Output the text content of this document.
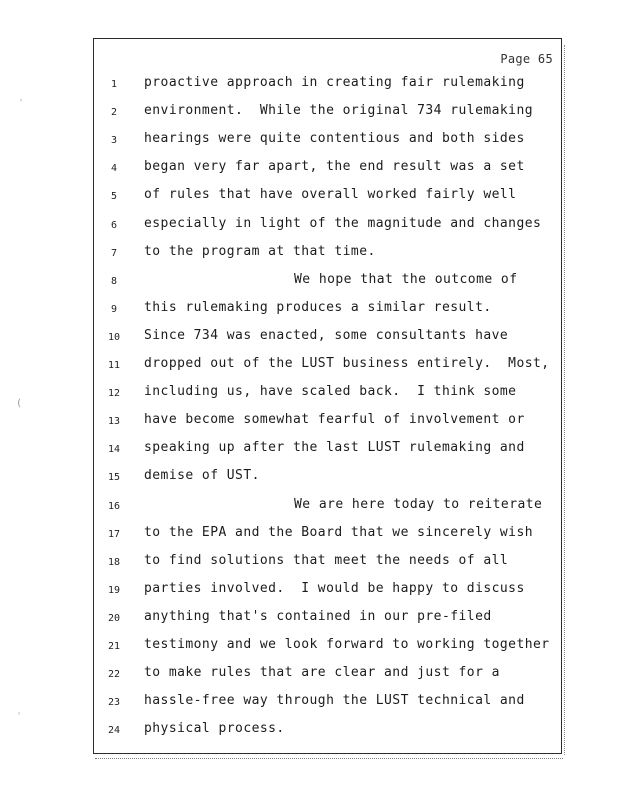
Page 65
1	proactive approach in creating fair rulemaking
2	environment.  While the original 734 rulemaking
3	hearings were quite contentious and both sides
4	began very far apart, the end result was a set
5	of rules that have overall worked fairly well
6	especially in light of the magnitude and changes
7	to the program at that time.
8	We hope that the outcome of
9	this rulemaking produces a similar result.
10	Since 734 was enacted, some consultants have
11	dropped out of the LUST business entirely.  Most,
12	including us, have scaled back.  I think some
13	have become somewhat fearful of involvement or
14	speaking up after the last LUST rulemaking and
15	demise of UST.
16	We are here today to reiterate
17	to the EPA and the Board that we sincerely wish
18	to find solutions that meet the needs of all
19	parties involved.  I would be happy to discuss
20	anything that's contained in our pre-filed
21	testimony and we look forward to working together
22	to make rules that are clear and just for a
23	hassle-free way through the LUST technical and
24	physical process.
ˌ
(
ˌ
